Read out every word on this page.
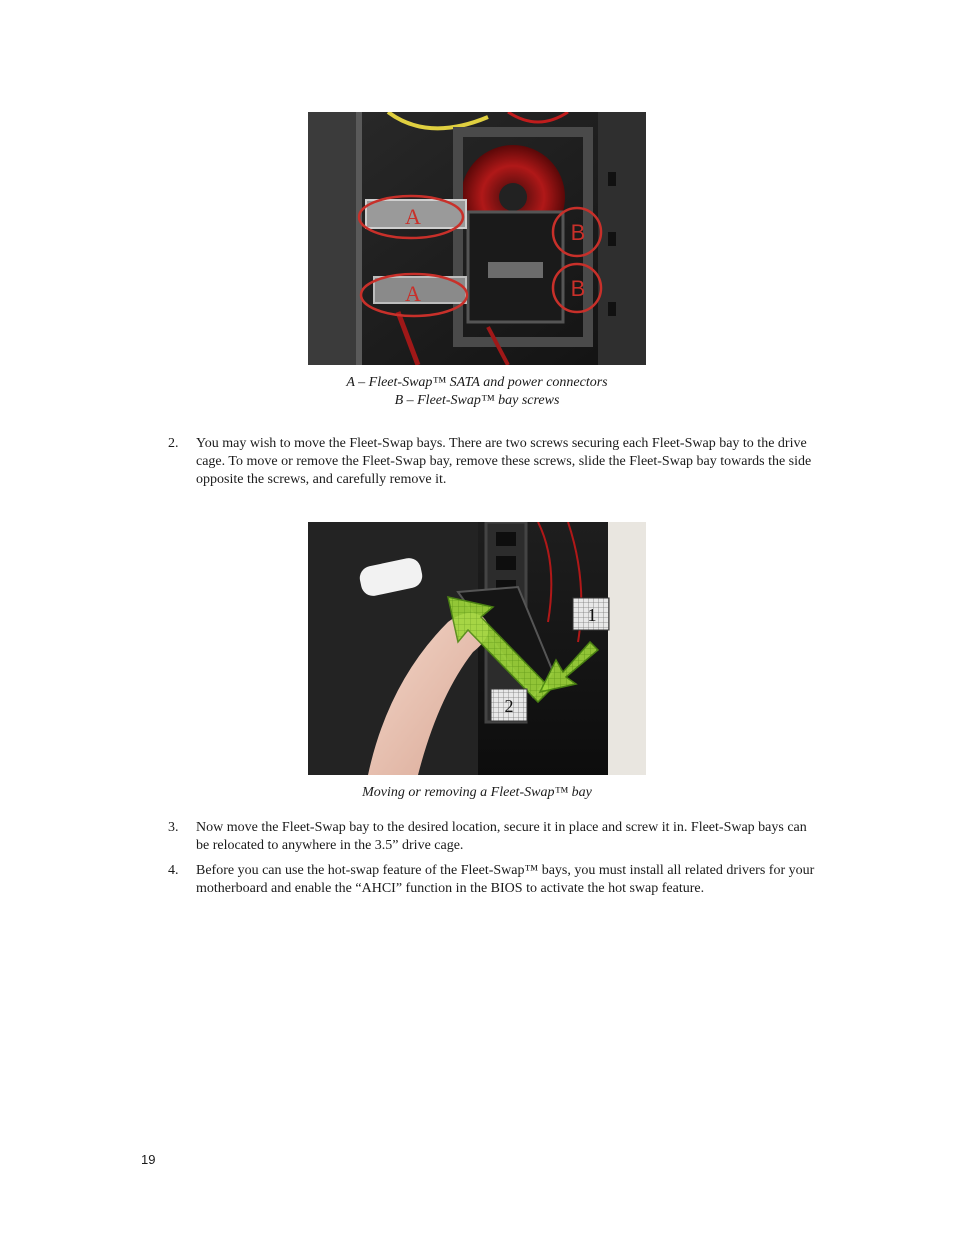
A
A
B
B
A – Fleet-Swap™ SATA and power connectors
B – Fleet-Swap™ bay screws
2.	You may wish to move the Fleet-Swap bays. There are two screws securing each Fleet-Swap bay to the drive cage. To move or remove the Fleet-Swap bay, remove these screws, slide the Fleet-Swap bay towards the side opposite the screws, and carefully remove it.
1
2
Moving or removing a Fleet-Swap™ bay
3.	Now move the Fleet-Swap bay to the desired location, secure it in place and screw it in. Fleet-Swap bays can be relocated to anywhere in the 3.5” drive cage.
4.	Before you can use the hot-swap feature of the Fleet-Swap™ bays, you must install all related drivers for your motherboard and enable the “AHCI” function in the BIOS to activate the hot swap feature.
19
